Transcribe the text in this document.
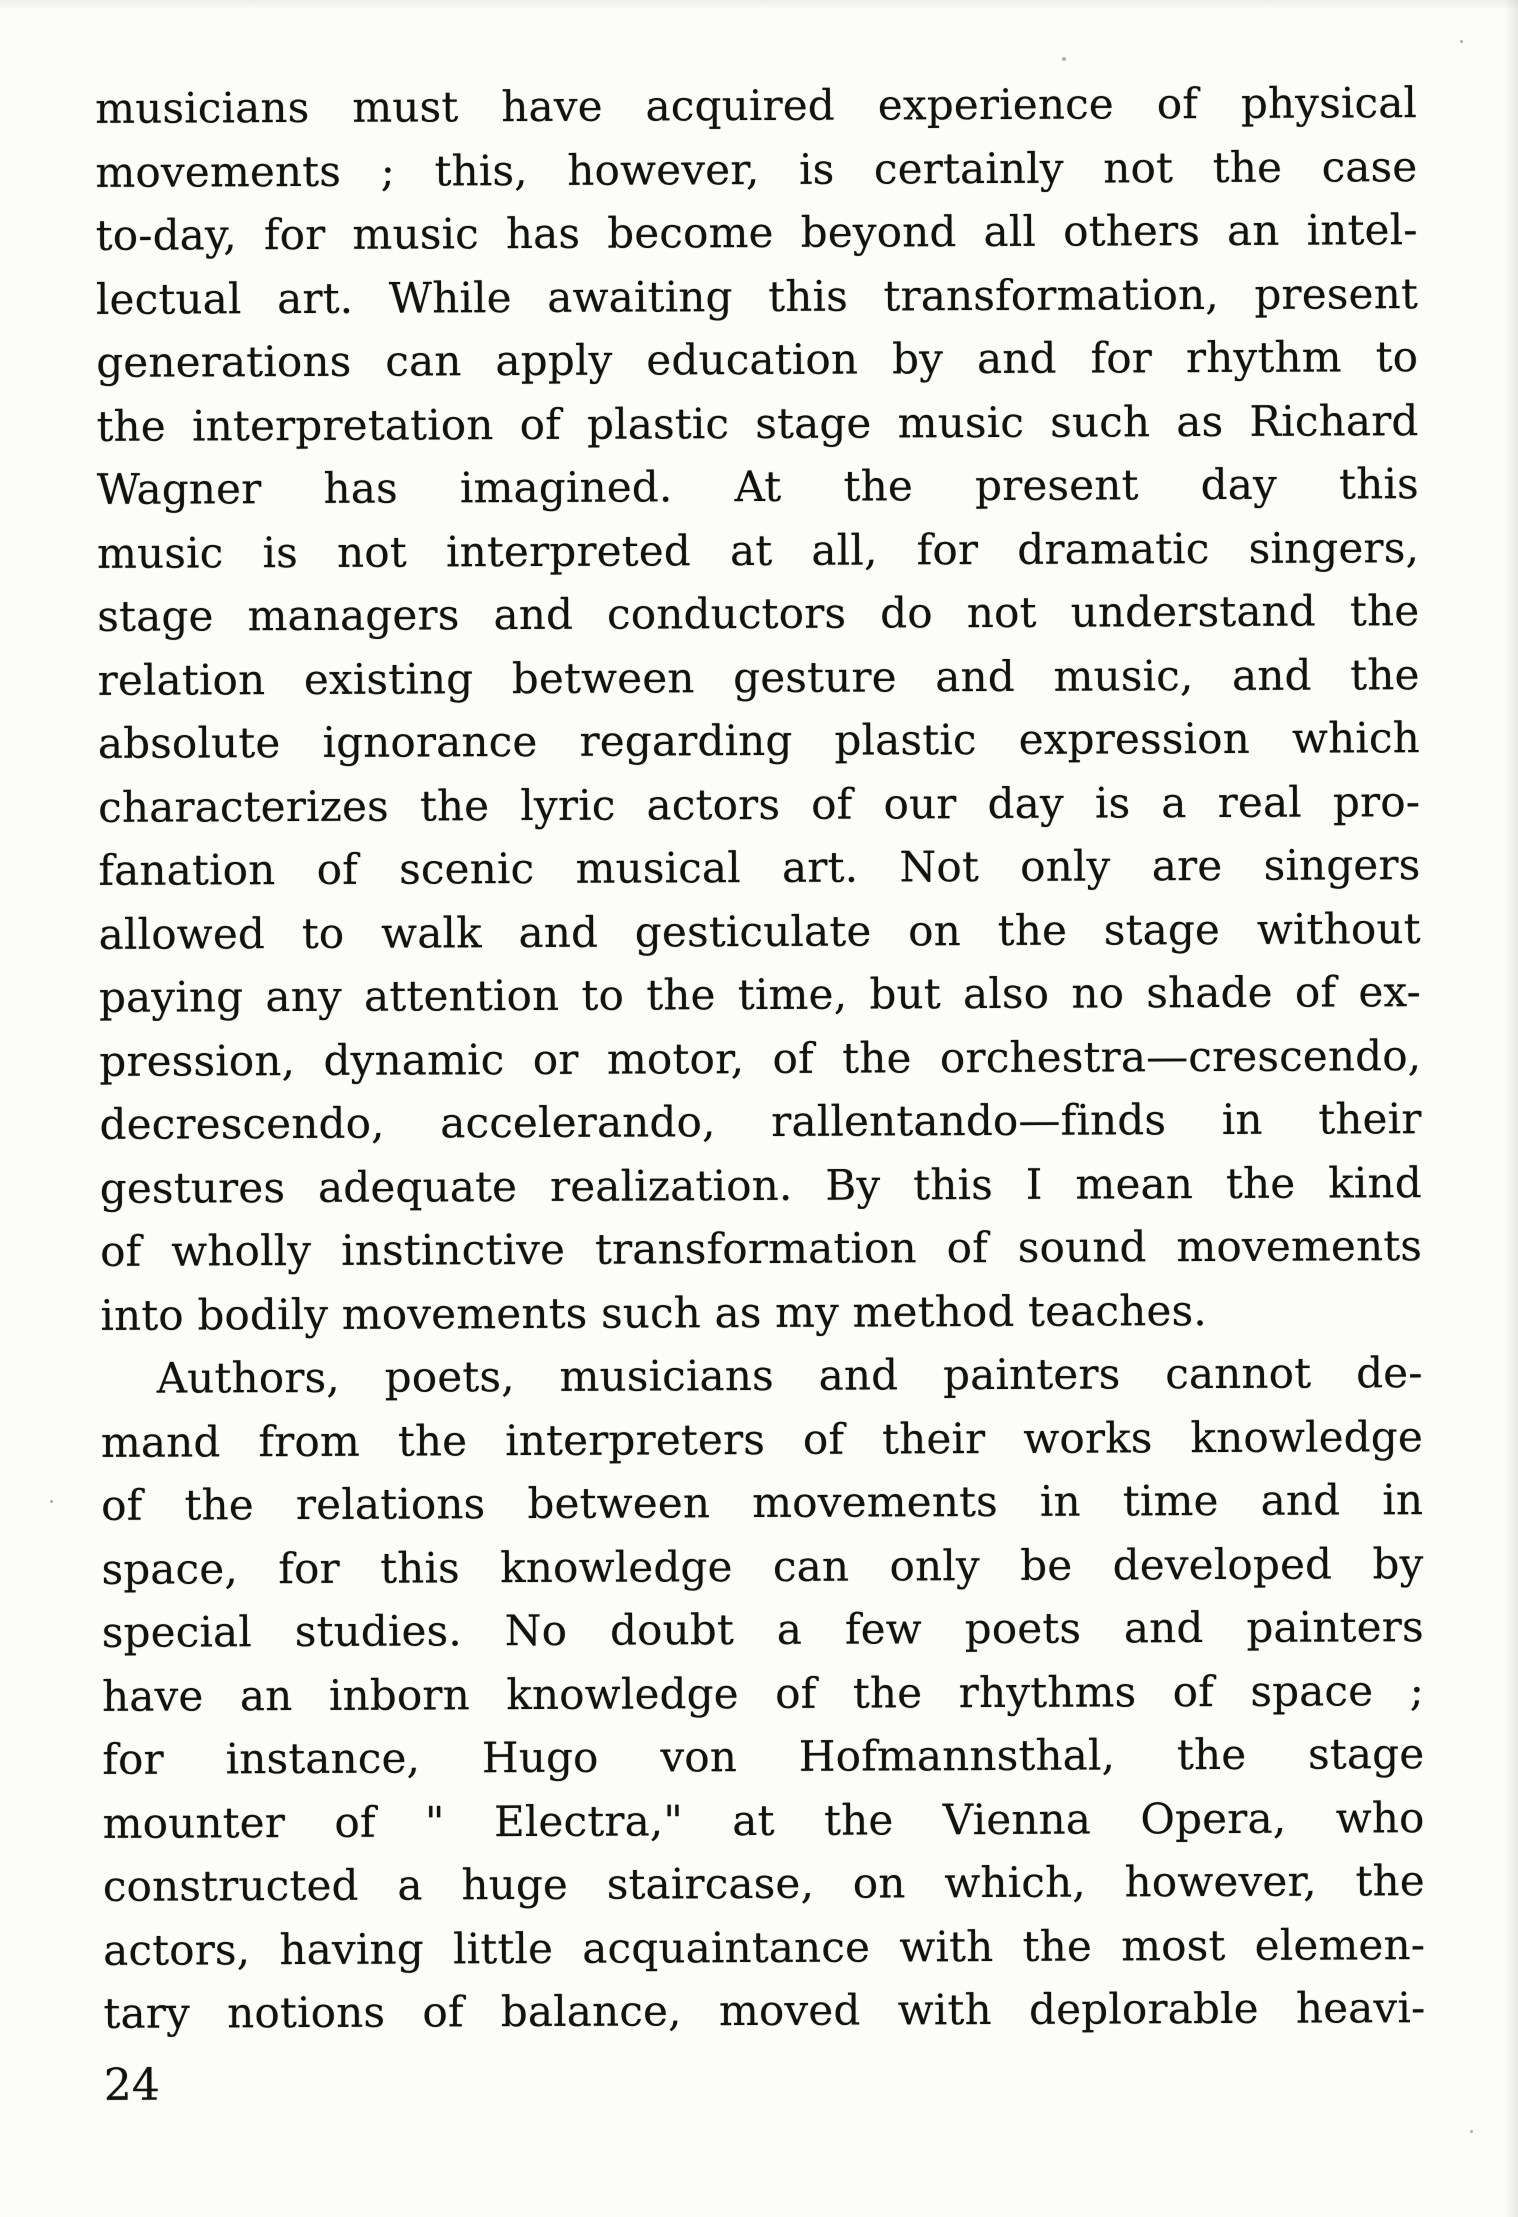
musicians must have acquired experience of physical

movements ; this, however, is certainly not the case

to-day, for music has become beyond all others an intel-

lectual art. While awaiting this transformation, present

generations can apply education by and for rhythm to

the interpretation of plastic stage music such as Richard

Wagner has imagined. At the present day this

music is not interpreted at all, for dramatic singers,

stage managers and conductors do not understand the

relation existing between gesture and music, and the

absolute ignorance regarding plastic expression which

characterizes the lyric actors of our day is a real pro-

fanation of scenic musical art. Not only are singers

allowed to walk and gesticulate on the stage without

paying any attention to the time, but also no shade of ex-

pression, dynamic or motor, of the orchestra—crescendo,

decrescendo, accelerando, rallentando—finds in their

gestures adequate realization. By this I mean the kind

of wholly instinctive transformation of sound movements

into bodily movements such as my method teaches.

Authors, poets, musicians and painters cannot de-

mand from the interpreters of their works knowledge

of the relations between movements in time and in

space, for this knowledge can only be developed by

special studies. No doubt a few poets and painters

have an inborn knowledge of the rhythms of space ;

for instance, Hugo von Hofmannsthal, the stage

mounter of " Electra," at the Vienna Opera, who

constructed a huge staircase, on which, however, the

actors, having little acquaintance with the most elemen-

tary notions of balance, moved with deplorable heavi-

24
